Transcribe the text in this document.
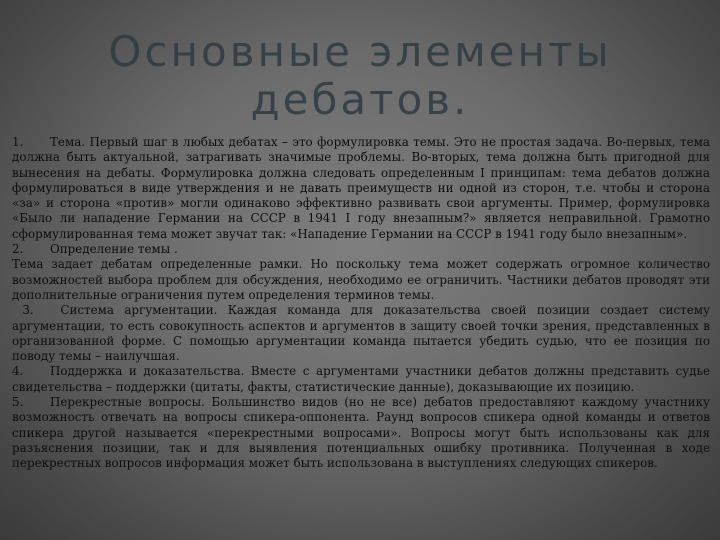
Основные элементы
дебатов.

1. Тема. Первый шаг в любых дебатах – это формулировка темы. Это не простая задача. Во-первых, тема должна быть актуальной, затрагивать значимые проблемы. Во-вторых, тема должна быть пригодной для вынесения на дебаты. Формулировка должна следовать определенным I принципам: тема дебатов должна формулироваться в виде утверждения и не давать преимуществ ни одной из сторон, т.е. чтобы и сторона «за» и сторона «против» могли одинаково эффективно развивать свои аргументы. Пример, формулировка «Было ли нападение Германии на СССР в 1941 I году внезапным?» является неправильной. Грамотно сформулированная тема может звучат так: «Нападение Германии на СССР в 1941 году было внезапным».

2. Определение темы .

Тема задает дебатам определенные рамки. Но поскольку тема может содержать огромное количество возможностей выбора проблем для обсуждения, необходимо ее ограничить. Частники дебатов проводят эти дополнительные ограничения путем определения терминов темы.

3. Система аргументации. Каждая команда для доказательства своей позиции создает систему аргументации, то есть совокупность аспектов и аргументов в защиту своей точки зрения, представленных в организованной форме. С помощью аргументации команда пытается убедить судью, что ее позиция по поводу темы – наилучшая.

4. Поддержка и доказательства. Вместе с аргументами участники дебатов должны представить судье свидетельства – поддержки (цитаты, факты, статистические данные), доказывающие их позицию.

5. Перекрестные вопросы. Большинство видов (но не все) дебатов предоставляют каждому участнику возможность отвечать на вопросы спикера-оппонента. Раунд вопросов спикера одной команды и ответов спикера другой называется «перекрестными вопросами». Вопросы могут быть использованы как для разъяснения позиции, так и для выявления потенциальных ошибку противника. Полученная в ходе перекрестных вопросов информация может быть использована в выступлениях следующих спикеров.
